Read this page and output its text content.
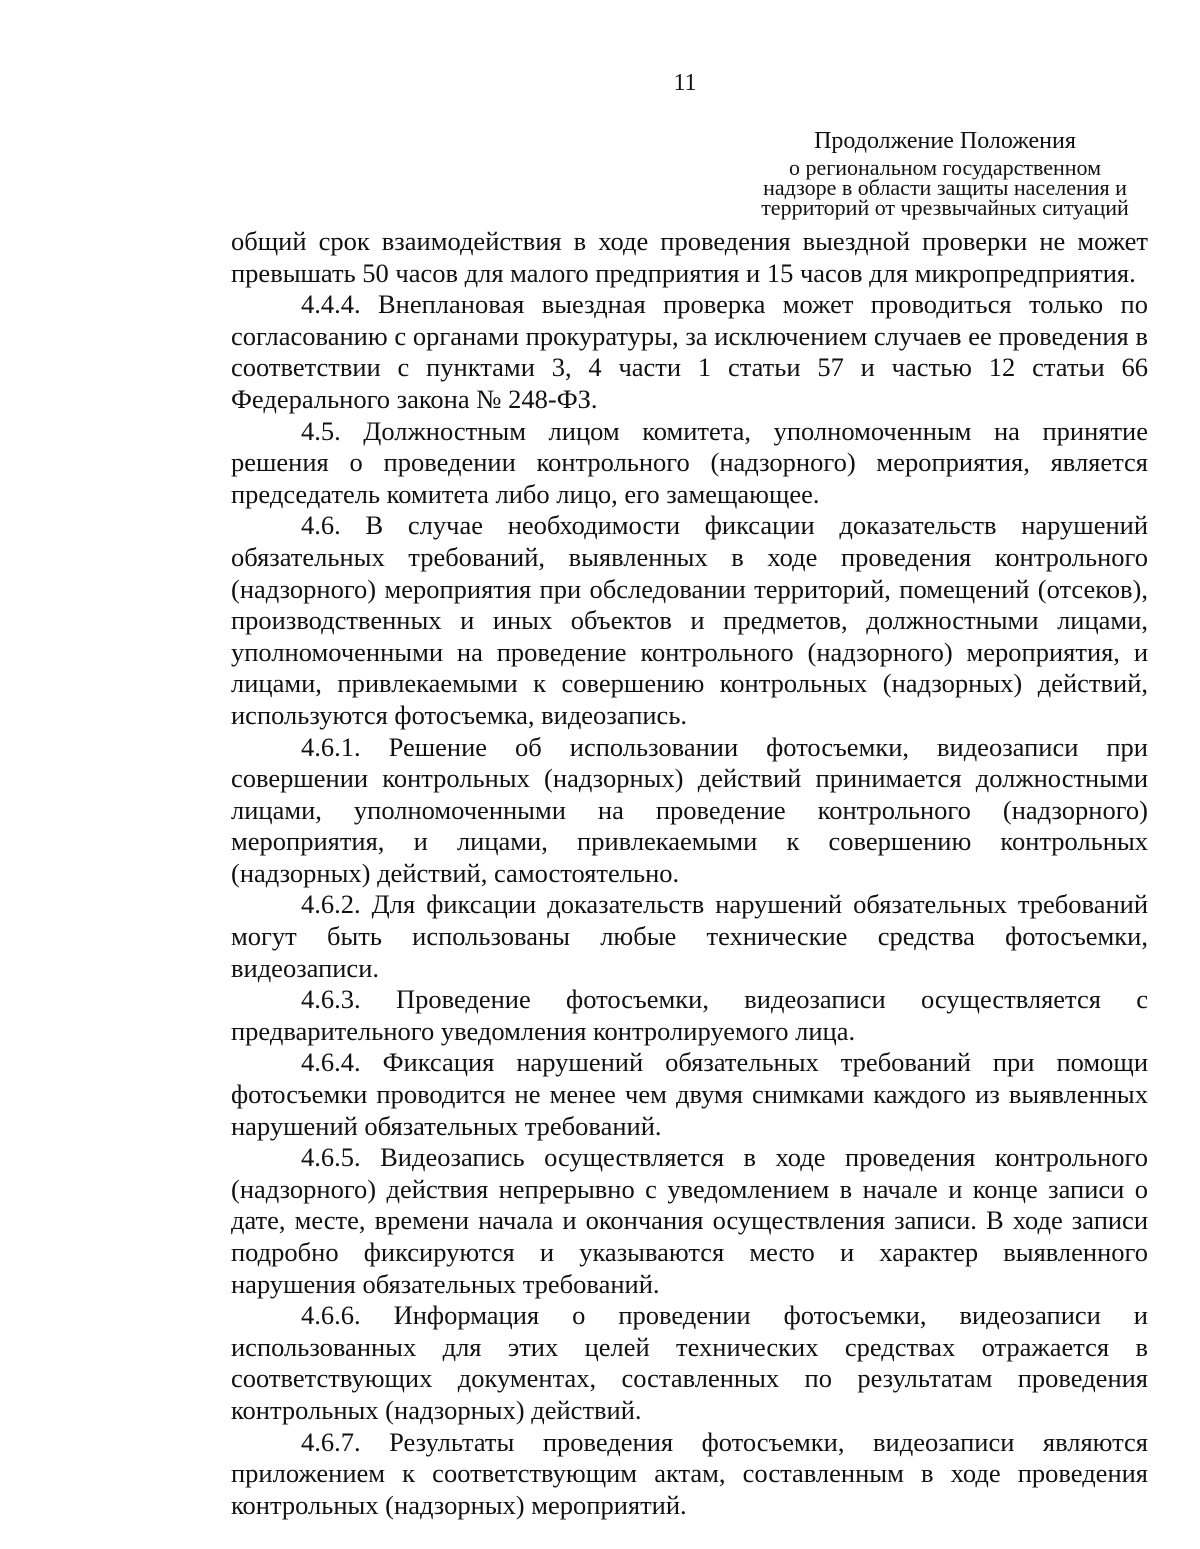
11
Продолжение Положения
о региональном государственном
надзоре в области защиты населения и
территорий от чрезвычайных ситуаций

общий срок взаимодействия в ходе проведения выездной проверки не может превышать 50 часов для малого предприятия и 15 часов для микропредприятия.

4.4.4. Внеплановая выездная проверка может проводиться только по согласованию с органами прокуратуры, за исключением случаев ее проведения в соответствии с пунктами 3, 4 части 1 статьи 57 и частью 12 статьи 66 Федерального закона № 248-ФЗ.

4.5. Должностным лицом комитета, уполномоченным на принятие решения о проведении контрольного (надзорного) мероприятия, является председатель комитета либо лицо, его замещающее.

4.6. В случае необходимости фиксации доказательств нарушений обязательных требований, выявленных в ходе проведения контрольного (надзорного) мероприятия при обследовании территорий, помещений (отсеков), производственных и иных объектов и предметов, должностными лицами, уполномоченными на проведение контрольного (надзорного) мероприятия, и лицами, привлекаемыми к совершению контрольных (надзорных) действий, используются фотосъемка, видеозапись.

4.6.1. Решение об использовании фотосъемки, видеозаписи при совершении контрольных (надзорных) действий принимается должностными лицами, уполномоченными на проведение контрольного (надзорного) мероприятия, и лицами, привлекаемыми к совершению контрольных (надзорных) действий, самостоятельно.

4.6.2. Для фиксации доказательств нарушений обязательных требований могут быть использованы любые технические средства фотосъемки, видеозаписи.

4.6.3. Проведение фотосъемки, видеозаписи осуществляется с предварительного уведомления контролируемого лица.

4.6.4. Фиксация нарушений обязательных требований при помощи фотосъемки проводится не менее чем двумя снимками каждого из выявленных нарушений обязательных требований.

4.6.5. Видеозапись осуществляется в ходе проведения контрольного (надзорного) действия непрерывно с уведомлением в начале и конце записи о дате, месте, времени начала и окончания осуществления записи. В ходе записи подробно фиксируются и указываются место и характер выявленного нарушения обязательных требований.

4.6.6. Информация о проведении фотосъемки, видеозаписи и использованных для этих целей технических средствах отражается в соответствующих документах, составленных по результатам проведения контрольных (надзорных) действий.

4.6.7. Результаты проведения фотосъемки, видеозаписи являются приложением к соответствующим актам, составленным в ходе проведения контрольных (надзорных) мероприятий.
